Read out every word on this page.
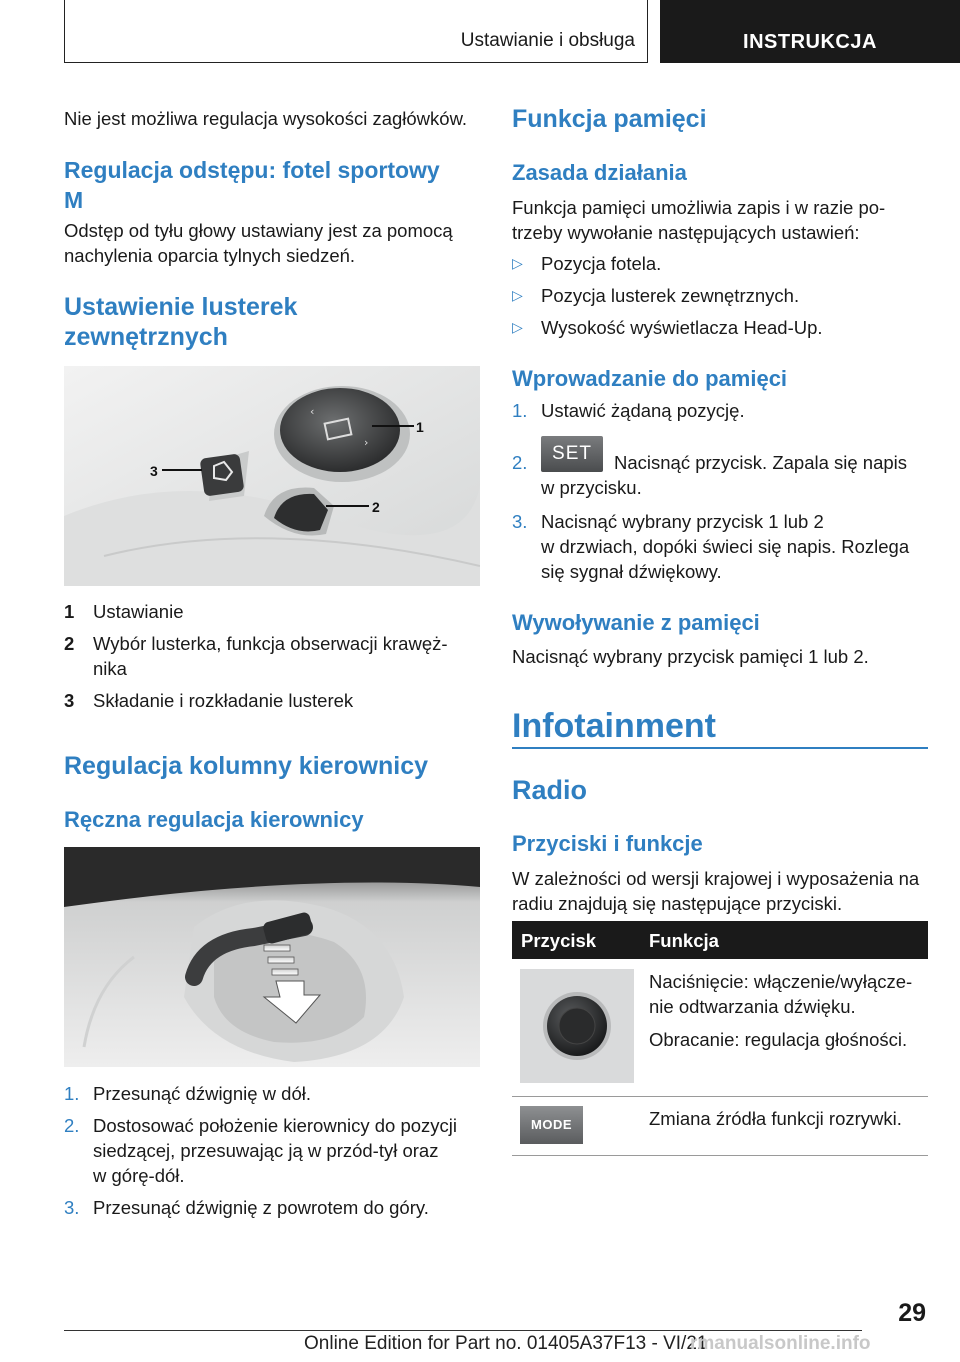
Ustawianie i obsługa	INSTRUKCJA

Nie jest możliwa regulacja wysokości zagłówków.

Regulacja odstępu: fotel sportowy
M

Odstęp od tyłu głowy ustawiany jest za pomocą

nachylenia oparcia tylnych siedzeń.

Ustawienie lusterek
zewnętrznych
‹
›
1
2
3
1	Ustawianie
2	Wybór lusterka, funkcja obserwacji krawęż-
nika
3	Składanie i rozkładanie lusterek
Regulacja kolumny kierownicy
Ręczna regulacja kierownicy
1. Przesunąć dźwignię w dół.
2. Dostosować położenie kierownicy do pozycji
siedzącej, przesuwając ją w przód-tył oraz
w górę-dół.
3. Przesunąć dźwignię z powrotem do góry.
Funkcja pamięci
Zasada działania

Funkcja pamięci umożliwia zapis i w razie po-

trzeby wywołanie następujących ustawień:

▷ Pozycja fotela.
▷ Pozycja lusterek zewnętrznych.
▷ Wysokość wyświetlacza Head-Up.
Wprowadzanie do pamięci
1. Ustawić żądaną pozycję.
2.	SET	Nacisnąć przycisk. Zapala się napis
w przycisku.
3. Nacisnąć wybrany przycisk 1 lub 2
w drzwiach, dopóki świeci się napis. Rozlega
się sygnał dźwiękowy.
Wywoływanie z pamięci

Nacisnąć wybrany przycisk pamięci 1 lub 2.

Infotainment
Radio
Przyciski i funkcje

W zależności od wersji krajowej i wyposażenia na

radiu znajdują się następujące przyciski.

Przycisk	Funkcja

Naciśnięcie: włączenie/wyłącze-

nie odtwarzania dźwięku.

Obracanie: regulacja głośności.

MODE	Zmiana źródła funkcji rozrywki.

29
Online Edition for Part no. 01405A37F13 - VI/21
rmanualsonline.info
